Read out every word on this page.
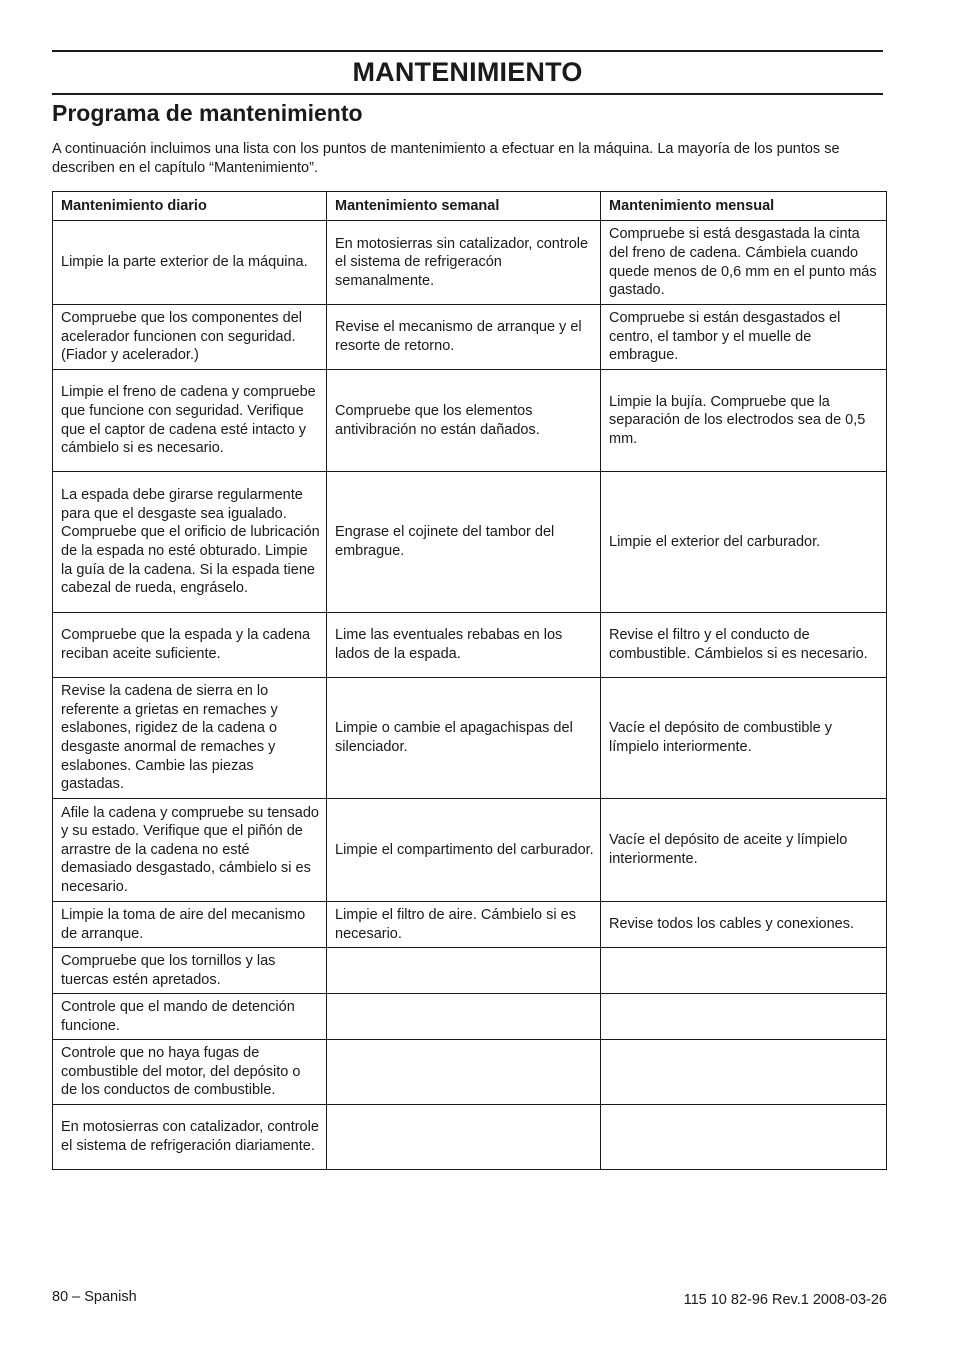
MANTENIMIENTO
Programa de mantenimiento

A continuación incluimos una lista con los puntos de mantenimiento a efectuar en la máquina. La mayoría de los puntos se describen en el capítulo “Mantenimiento”.

Mantenimiento diario	Mantenimiento semanal	Mantenimiento mensual
Limpie la parte exterior de la máquina.	En motosierras sin catalizador, controle el sistema de refrigeracón semanalmente.	Compruebe si está desgastada la cinta del freno de cadena. Cámbiela cuando quede menos de 0,6 mm en el punto más gastado.
Compruebe que los componentes del acelerador funcionen con seguridad. (Fiador y acelerador.)	Revise el mecanismo de arranque y el resorte de retorno.	Compruebe si están desgastados el centro, el tambor y el muelle de embrague.
Limpie el freno de cadena y compruebe que funcione con seguridad. Verifique que el captor de cadena esté intacto y cámbielo si es necesario.	Compruebe que los elementos antivibración no están dañados.	Limpie la bujía. Compruebe que la separación de los electrodos sea de 0,5 mm.
La espada debe girarse regularmente para que el desgaste sea igualado. Compruebe que el orificio de lubricación de la espada no esté obturado. Limpie la guía de la cadena. Si la espada tiene cabezal de rueda, engráselo.	Engrase el cojinete del tambor del embrague.	Limpie el exterior del carburador.
Compruebe que la espada y la cadena reciban aceite suficiente.	Lime las eventuales rebabas en los lados de la espada.	Revise el filtro y el conducto de combustible. Cámbielos si es necesario.
Revise la cadena de sierra en lo referente a grietas en remaches y eslabones, rigidez de la cadena o desgaste anormal de remaches y eslabones. Cambie las piezas gastadas.	Limpie o cambie el apagachispas del silenciador.	Vacíe el depósito de combustible y límpielo interiormente.
Afile la cadena y compruebe su tensado y su estado. Verifique que el piñón de arrastre de la cadena no esté demasiado desgastado, cámbielo si es necesario.	Limpie el compartimento del carburador.	Vacíe el depósito de aceite y límpielo interiormente.
Limpie la toma de aire del mecanismo de arranque.	Limpie el filtro de aire. Cámbielo si es necesario.	Revise todos los cables y conexiones.
Compruebe que los tornillos y las tuercas estén apretados.		
Controle que el mando de detención funcione.		
Controle que no haya fugas de combustible del motor, del depósito o de los conductos de combustible.		
En motosierras con catalizador, controle el sistema de refrigeración diariamente.		
80 – Spanish	115 10 82-96 Rev.1 2008-03-26
